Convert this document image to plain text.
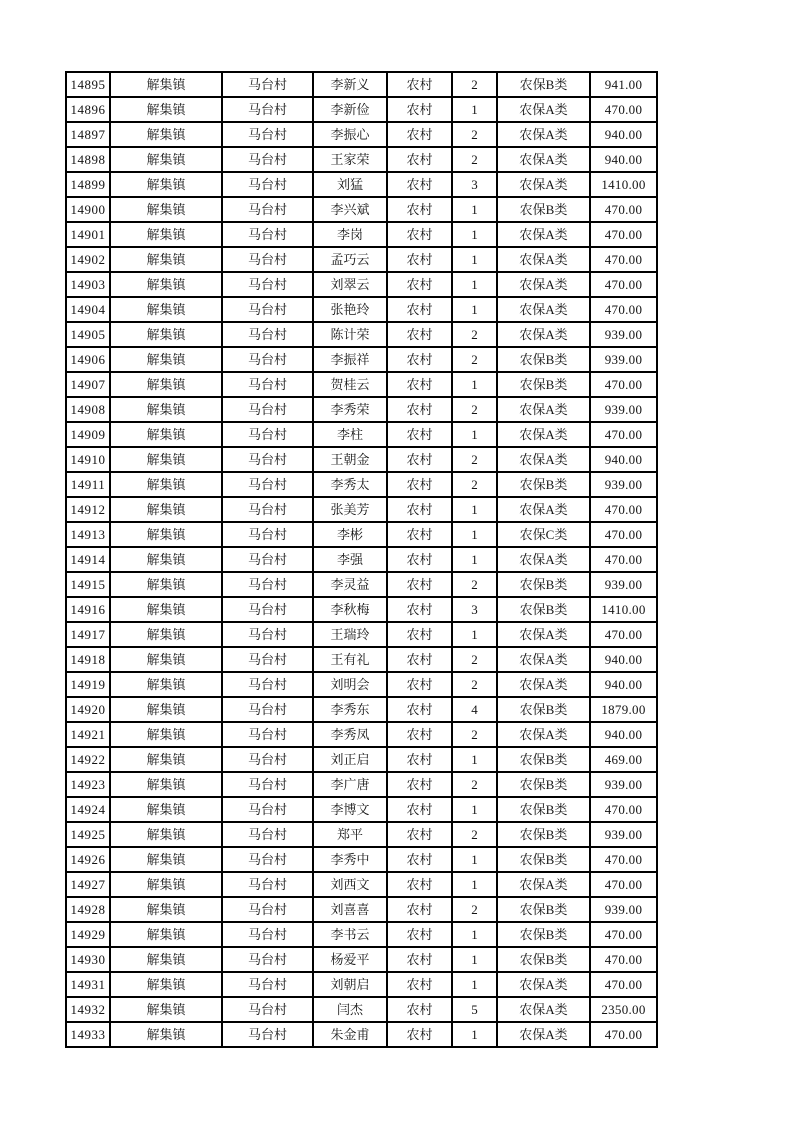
14895	解集镇	马台村	李新义	农村	2	农保B类	941.00
14896	解集镇	马台村	李新俭	农村	1	农保A类	470.00
14897	解集镇	马台村	李振心	农村	2	农保A类	940.00
14898	解集镇	马台村	王家荣	农村	2	农保A类	940.00
14899	解集镇	马台村	刘猛	农村	3	农保A类	1410.00
14900	解集镇	马台村	李兴斌	农村	1	农保B类	470.00
14901	解集镇	马台村	李岗	农村	1	农保A类	470.00
14902	解集镇	马台村	孟巧云	农村	1	农保A类	470.00
14903	解集镇	马台村	刘翠云	农村	1	农保A类	470.00
14904	解集镇	马台村	张艳玲	农村	1	农保A类	470.00
14905	解集镇	马台村	陈计荣	农村	2	农保A类	939.00
14906	解集镇	马台村	李振祥	农村	2	农保B类	939.00
14907	解集镇	马台村	贺桂云	农村	1	农保B类	470.00
14908	解集镇	马台村	李秀荣	农村	2	农保A类	939.00
14909	解集镇	马台村	李柱	农村	1	农保A类	470.00
14910	解集镇	马台村	王朝金	农村	2	农保A类	940.00
14911	解集镇	马台村	李秀太	农村	2	农保B类	939.00
14912	解集镇	马台村	张美芳	农村	1	农保A类	470.00
14913	解集镇	马台村	李彬	农村	1	农保C类	470.00
14914	解集镇	马台村	李强	农村	1	农保A类	470.00
14915	解集镇	马台村	李灵益	农村	2	农保B类	939.00
14916	解集镇	马台村	李秋梅	农村	3	农保B类	1410.00
14917	解集镇	马台村	王瑞玲	农村	1	农保A类	470.00
14918	解集镇	马台村	王有礼	农村	2	农保A类	940.00
14919	解集镇	马台村	刘明会	农村	2	农保A类	940.00
14920	解集镇	马台村	李秀东	农村	4	农保B类	1879.00
14921	解集镇	马台村	李秀凤	农村	2	农保A类	940.00
14922	解集镇	马台村	刘正启	农村	1	农保B类	469.00
14923	解集镇	马台村	李广唐	农村	2	农保B类	939.00
14924	解集镇	马台村	李博文	农村	1	农保B类	470.00
14925	解集镇	马台村	郑平	农村	2	农保B类	939.00
14926	解集镇	马台村	李秀中	农村	1	农保B类	470.00
14927	解集镇	马台村	刘西文	农村	1	农保A类	470.00
14928	解集镇	马台村	刘喜喜	农村	2	农保B类	939.00
14929	解集镇	马台村	李书云	农村	1	农保B类	470.00
14930	解集镇	马台村	杨爱平	农村	1	农保B类	470.00
14931	解集镇	马台村	刘朝启	农村	1	农保A类	470.00
14932	解集镇	马台村	闫杰	农村	5	农保A类	2350.00
14933	解集镇	马台村	朱金甫	农村	1	农保A类	470.00
